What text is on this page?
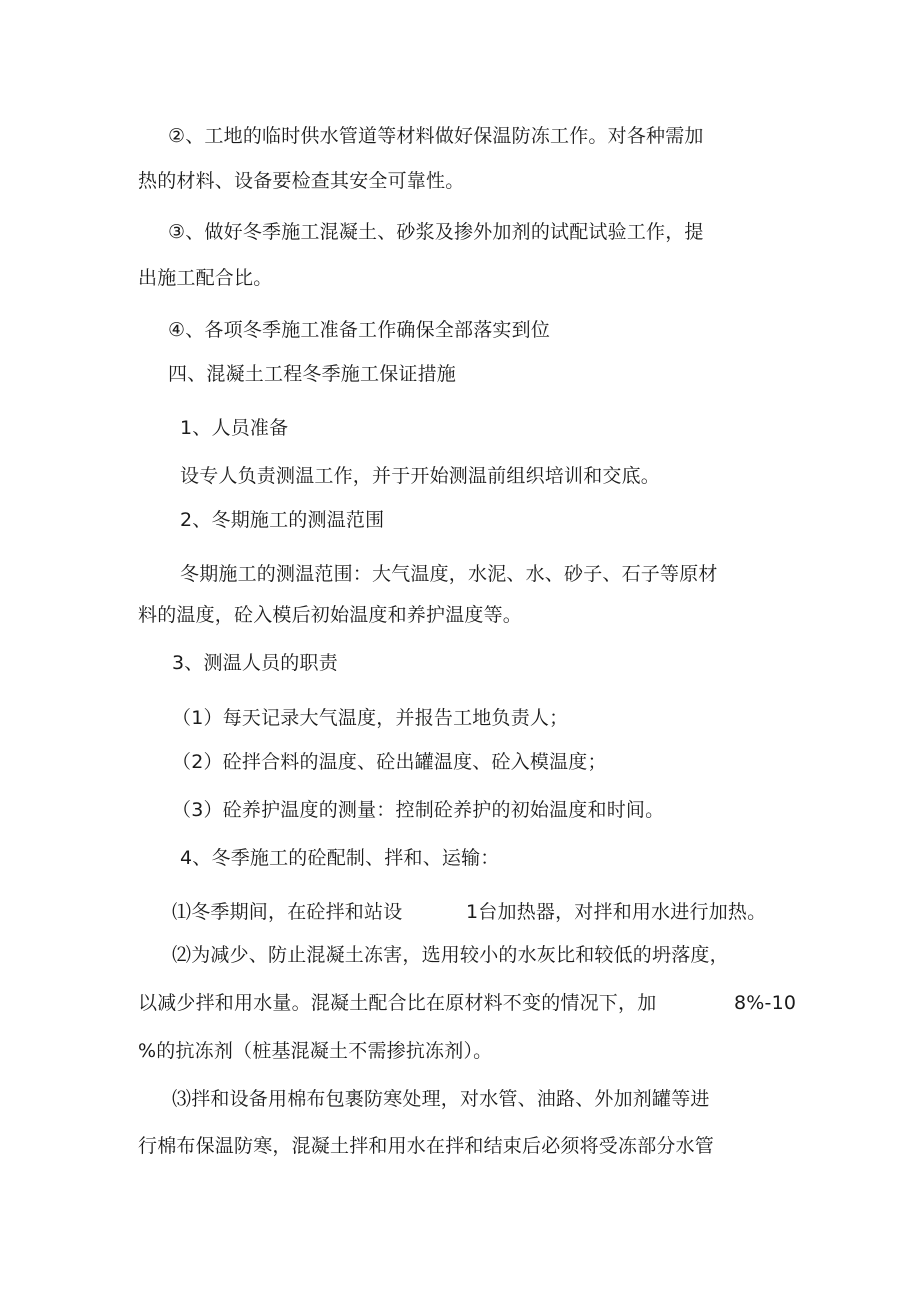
②、工地的临时供水管道等材料做好保温防冻工作。对各种需加
热的材料、设备要检查其安全可靠性。
③、做好冬季施工混凝土、砂浆及掺外加剂的试配试验工作，提
出施工配合比。
④、各项冬季施工准备工作确保全部落实到位
四、混凝土工程冬季施工保证措施
1、人员准备
设专人负责测温工作，并于开始测温前组织培训和交底。
2、冬期施工的测温范围
冬期施工的测温范围：大气温度，水泥、水、砂子、石子等原材
料的温度，砼入模后初始温度和养护温度等。
3、测温人员的职责
（1）每天记录大气温度，并报告工地负责人；
（2）砼拌合料的温度、砼出罐温度、砼入模温度；
（3）砼养护温度的测量：控制砼养护的初始温度和时间。
4、冬季施工的砼配制、拌和、运输：
⑴冬季期间，在砼拌和站设	1台加热器，对拌和用水进行加热。
⑵为减少、防止混凝土冻害，选用较小的水灰比和较低的坍落度，
以减少拌和用水量。混凝土配合比在原材料不变的情况下，加	8%-10
%的抗冻剂（桩基混凝土不需掺抗冻剂）。
⑶拌和设备用棉布包裹防寒处理，对水管、油路、外加剂罐等进
行棉布保温防寒，混凝土拌和用水在拌和结束后必须将受冻部分水管
